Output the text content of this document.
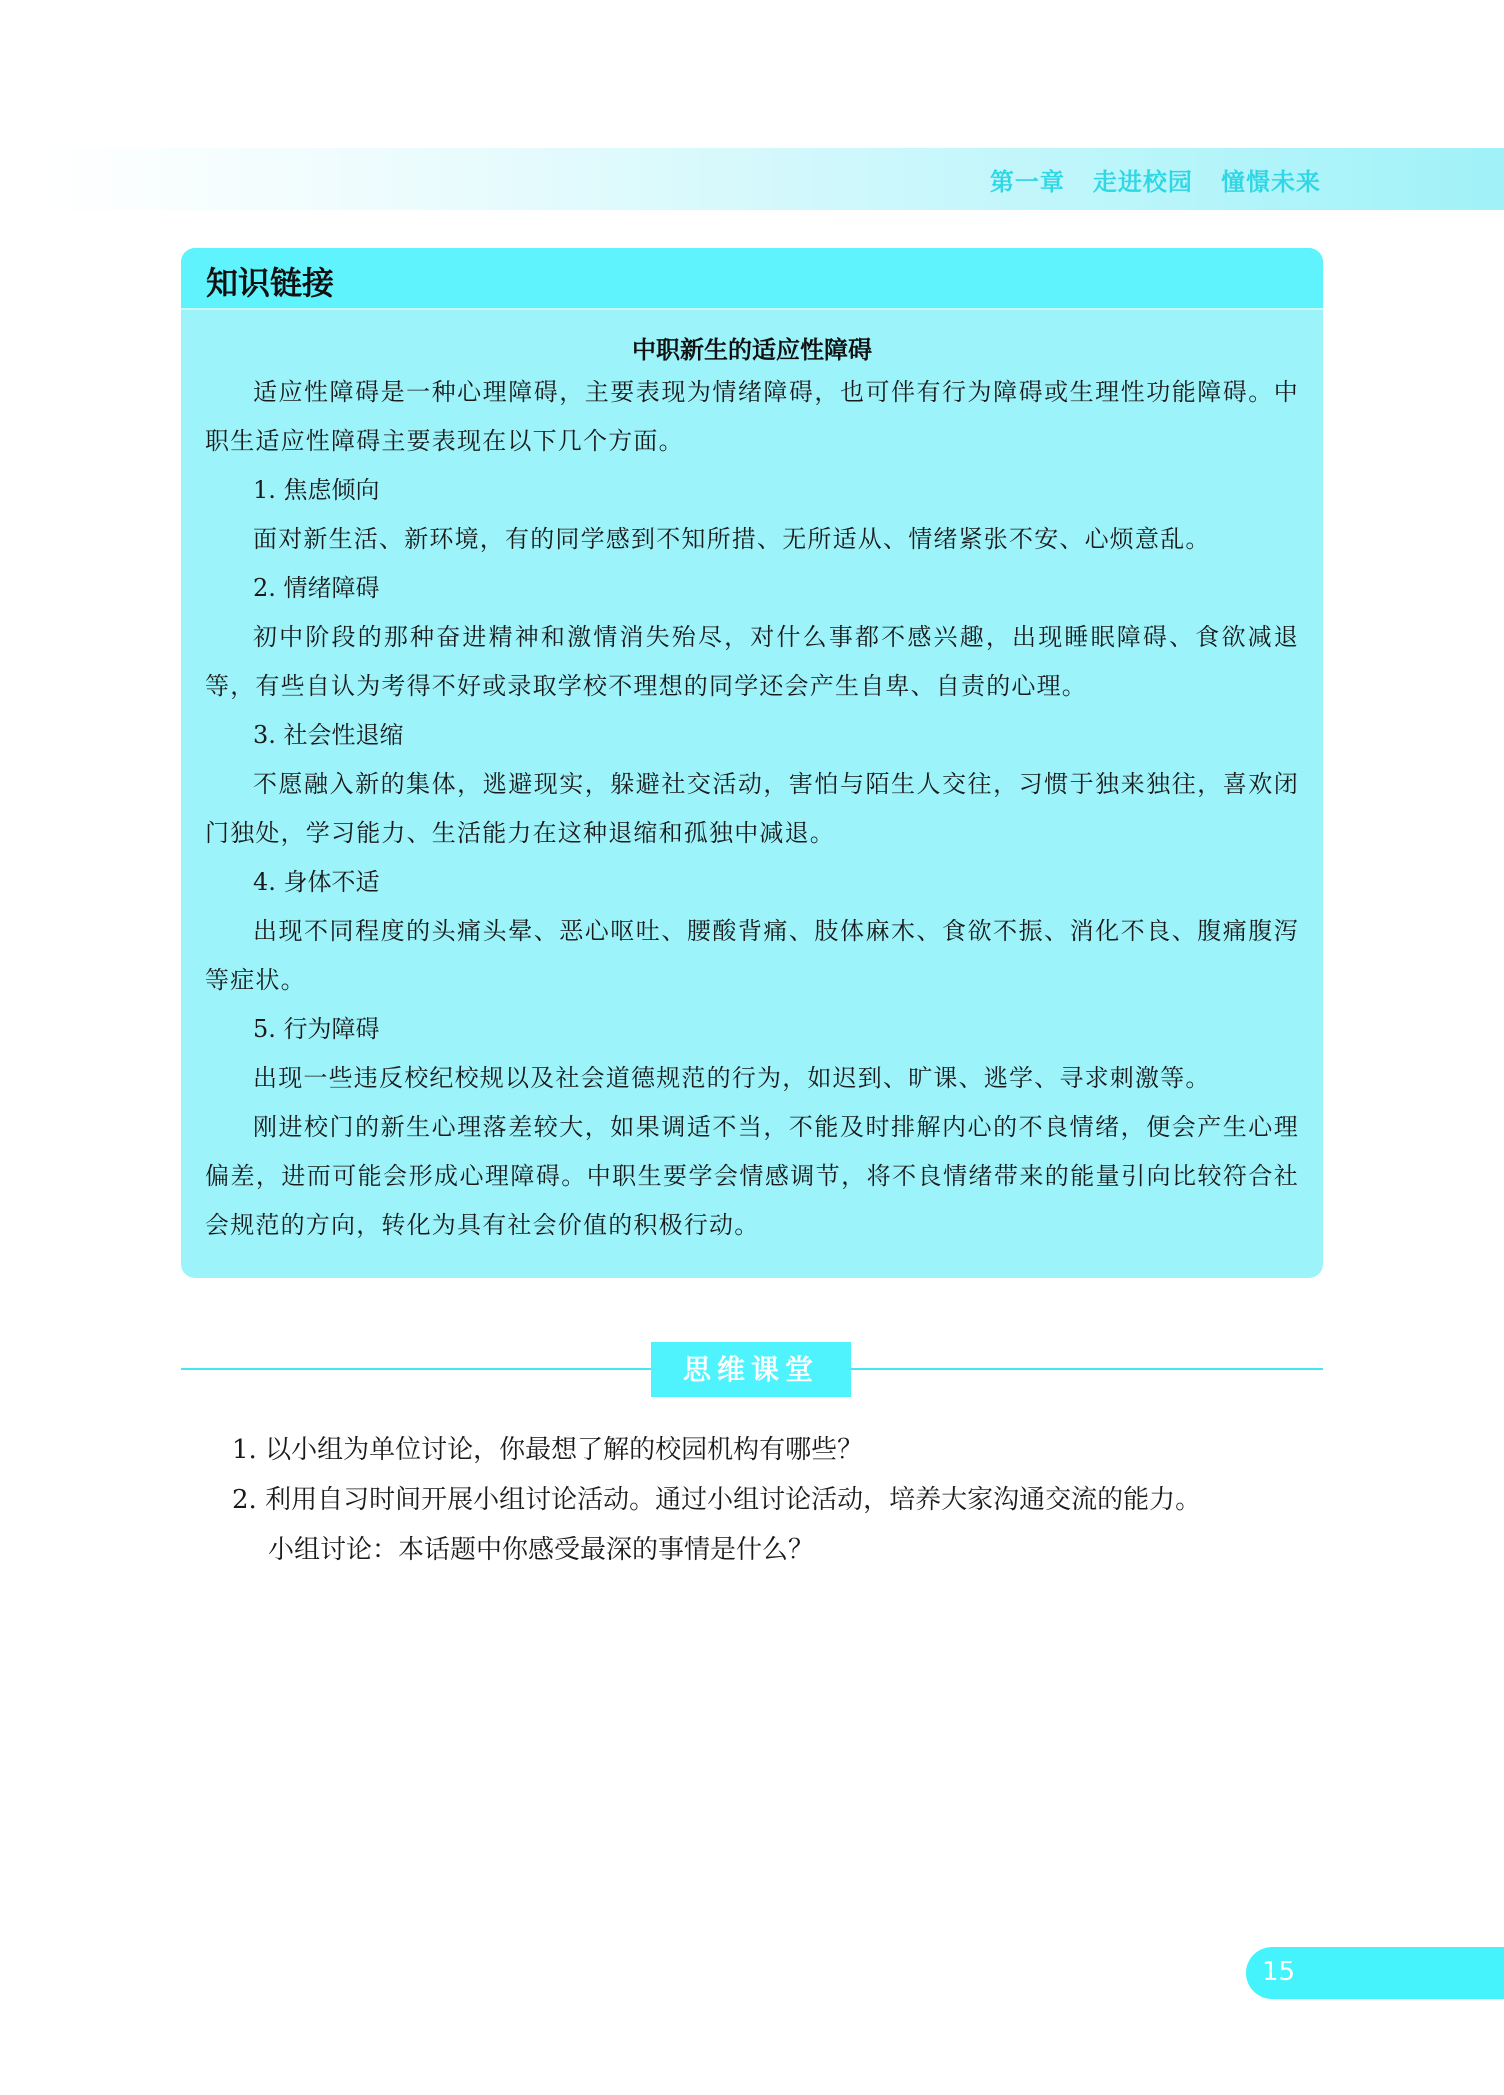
第一章 走进校园 憧憬未来
知识链接
中职新生的适应性障碍

适应性障碍是一种心理障碍，主要表现为情绪障碍，也可伴有行为障碍或生理性功能障碍。中职生适应性障碍主要表现在以下几个方面。

1. 焦虑倾向

面对新生活、新环境，有的同学感到不知所措、无所适从、情绪紧张不安、心烦意乱。

2. 情绪障碍

初中阶段的那种奋进精神和激情消失殆尽，对什么事都不感兴趣，出现睡眠障碍、食欲减退等，有些自认为考得不好或录取学校不理想的同学还会产生自卑、自责的心理。

3. 社会性退缩

不愿融入新的集体，逃避现实，躲避社交活动，害怕与陌生人交往，习惯于独来独往，喜欢闭门独处，学习能力、生活能力在这种退缩和孤独中减退。

4. 身体不适

出现不同程度的头痛头晕、恶心呕吐、腰酸背痛、肢体麻木、食欲不振、消化不良、腹痛腹泻等症状。

5. 行为障碍

出现一些违反校纪校规以及社会道德规范的行为，如迟到、旷课、逃学、寻求刺激等。

刚进校门的新生心理落差较大，如果调适不当，不能及时排解内心的不良情绪，便会产生心理偏差，进而可能会形成心理障碍。中职生要学会情感调节，将不良情绪带来的能量引向比较符合社会规范的方向，转化为具有社会价值的积极行动。

思维课堂

1. 以小组为单位讨论，你最想了解的校园机构有哪些？

2. 利用自习时间开展小组讨论活动。通过小组讨论活动，培养大家沟通交流的能力。

小组讨论：本话题中你感受最深的事情是什么？

15
